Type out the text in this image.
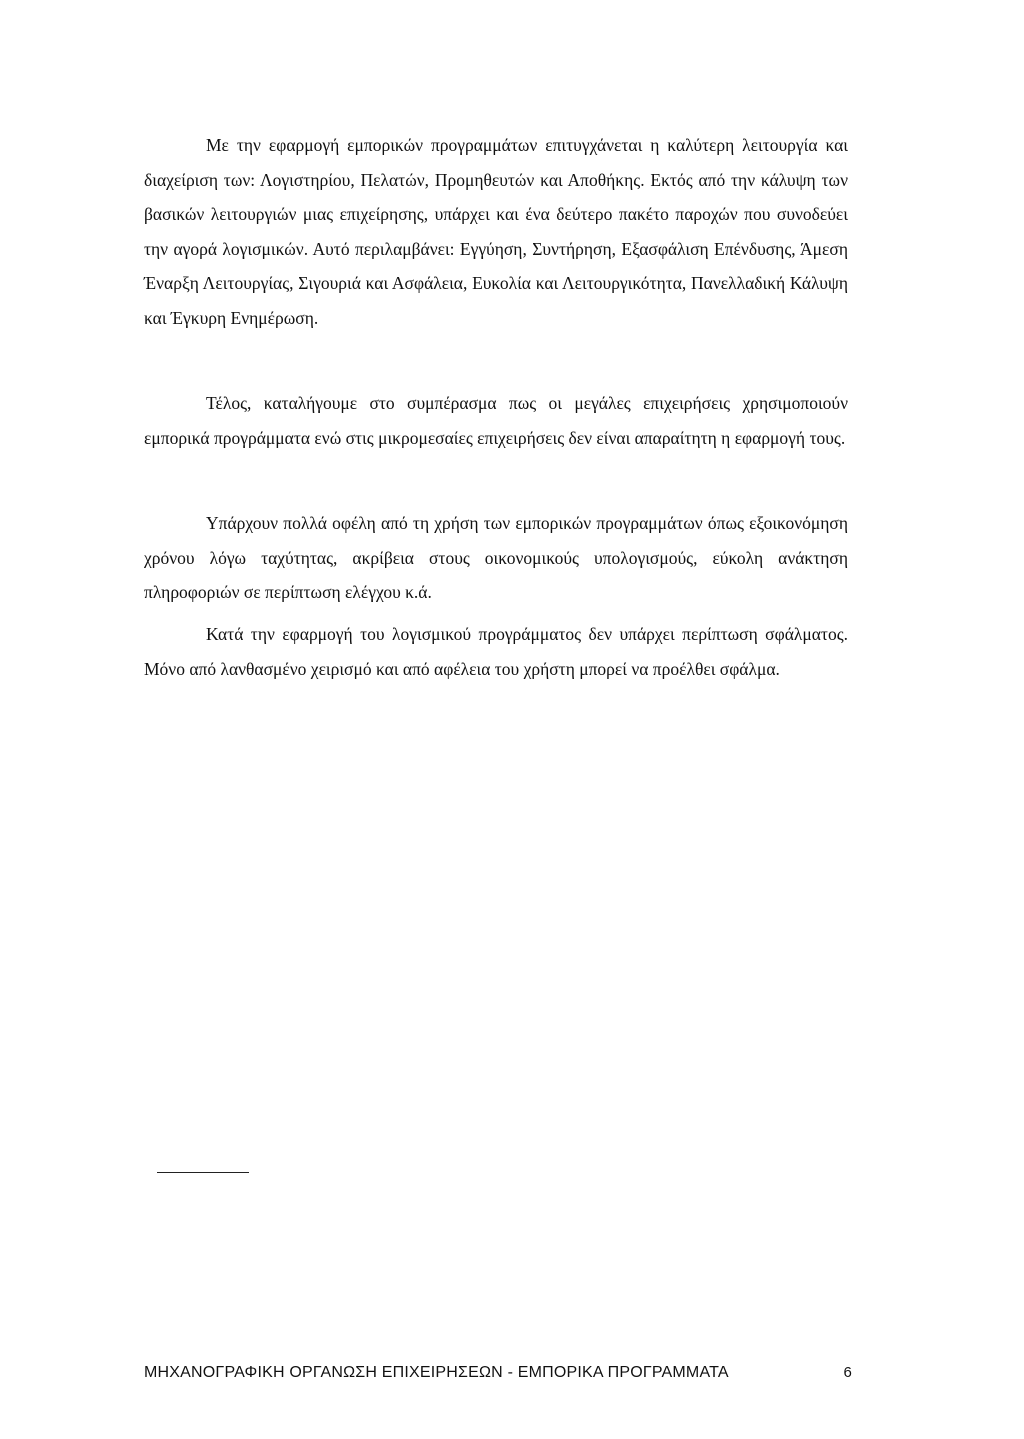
Με την εφαρμογή εμπορικών προγραμμάτων επιτυγχάνεται η καλύτερη λειτουργία και διαχείριση των: Λογιστηρίου, Πελατών, Προμηθευτών και Αποθήκης. Εκτός από την κάλυψη των βασικών λειτουργιών μιας επιχείρησης, υπάρχει και ένα δεύτερο πακέτο παροχών που συνοδεύει την αγορά λογισμικών. Αυτό περιλαμβάνει: Εγγύηση, Συντήρηση, Εξασφάλιση Επένδυσης, Άμεση Έναρξη Λειτουργίας, Σιγουριά και Ασφάλεια, Ευκολία και Λειτουργικότητα, Πανελλαδική Κάλυψη και Έγκυρη Ενημέρωση.

Τέλος, καταλήγουμε στο συμπέρασμα πως οι μεγάλες επιχειρήσεις χρησιμοποιούν εμπορικά προγράμματα ενώ στις μικρομεσαίες επιχειρήσεις δεν είναι απαραίτητη η εφαρμογή τους.

Υπάρχουν πολλά οφέλη από τη χρήση των εμπορικών προγραμμάτων όπως εξοικονόμηση χρόνου λόγω ταχύτητας, ακρίβεια στους οικονομικούς υπολογισμούς, εύκολη ανάκτηση πληροφοριών σε περίπτωση ελέγχου κ.ά.

Κατά την εφαρμογή του λογισμικού προγράμματος δεν υπάρχει περίπτωση σφάλματος. Μόνο από λανθασμένο χειρισμό και από αφέλεια του χρήστη μπορεί να προέλθει σφάλμα.

ΜΗΧΑΝΟΓΡΑΦΙΚΗ ΟΡΓΑΝΩΣΗ ΕΠΙΧΕΙΡΗΣΕΩΝ - ΕΜΠΟΡΙΚΑ ΠΡΟΓΡΑΜΜΑΤΑ	6
